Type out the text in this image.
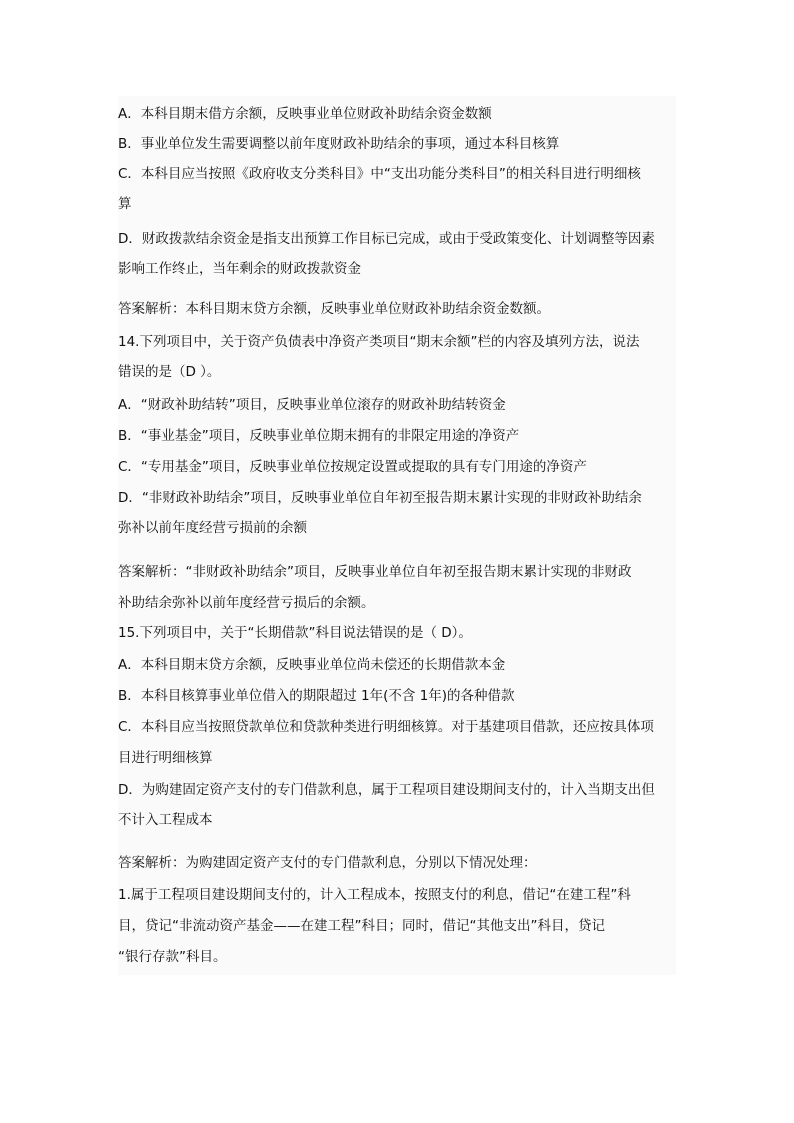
A．本科目期末借方余额，反映事业单位财政补助结余资金数额
B．事业单位发生需要调整以前年度财政补助结余的事项，通过本科目核算
C．本科目应当按照《政府收支分类科目》中“支出功能分类科目”的相关科目进行明细核
算
D．财政拨款结余资金是指支出预算工作目标已完成，或由于受政策变化、计划调整等因素
影响工作终止，当年剩余的财政拨款资金
答案解析：本科目期末贷方余额，反映事业单位财政补助结余资金数额。
14.下列项目中，关于资产负债表中净资产类项目“期末余额”栏的内容及填列方法，说法
错误的是（D ）。
A．“财政补助结转”项目，反映事业单位滚存的财政补助结转资金
B．“事业基金”项目，反映事业单位期末拥有的非限定用途的净资产
C．“专用基金”项目，反映事业单位按规定设置或提取的具有专门用途的净资产
D．“非财政补助结余”项目，反映事业单位自年初至报告期末累计实现的非财政补助结余
弥补以前年度经营亏损前的余额
答案解析：“非财政补助结余”项目，反映事业单位自年初至报告期末累计实现的非财政
补助结余弥补以前年度经营亏损后的余额。
15.下列项目中，关于“长期借款”科目说法错误的是（ D）。
A．本科目期末贷方余额，反映事业单位尚未偿还的长期借款本金
B．本科目核算事业单位借入的期限超过 1年(不含 1年)的各种借款
C．本科目应当按照贷款单位和贷款种类进行明细核算。对于基建项目借款，还应按具体项
目进行明细核算
D．为购建固定资产支付的专门借款利息，属于工程项目建设期间支付的，计入当期支出但
不计入工程成本
答案解析：为购建固定资产支付的专门借款利息，分别以下情况处理：
1.属于工程项目建设期间支付的，计入工程成本，按照支付的利息，借记“在建工程”科
目，贷记“非流动资产基金——在建工程”科目；同时，借记“其他支出”科目，贷记
“银行存款”科目。
